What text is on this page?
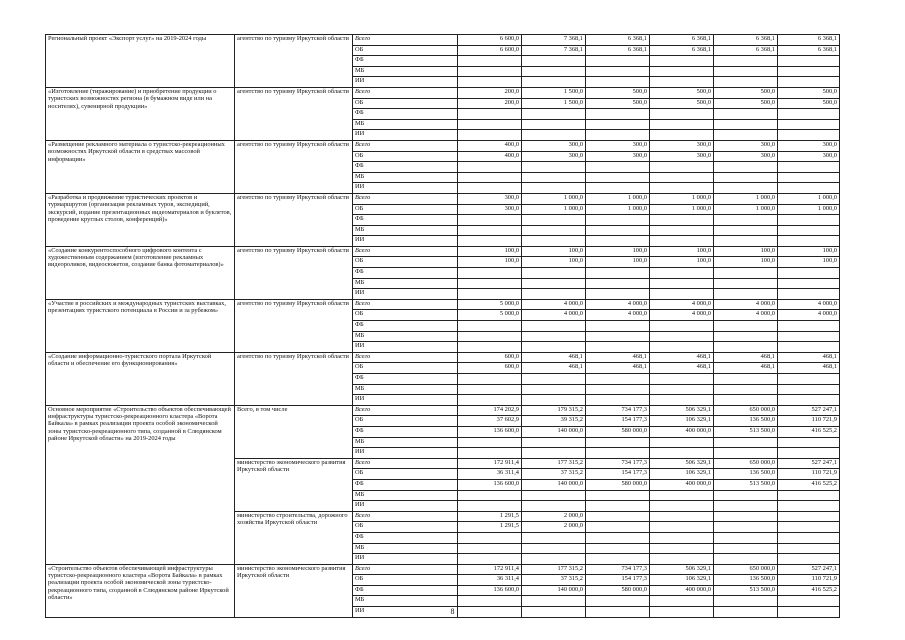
Региональный проект «Экспорт услуг» на 2019-2024 годы	агентство по туризму Иркутской области	Всего	6 600,0	7 368,1	6 368,1	6 368,1	6 368,1	6 368,1
		ОБ	6 600,0	7 368,1	6 368,1	6 368,1	6 368,1	6 368,1
		ФБ						
		МБ						
		ИИ						
«Изготовление (тиражирование) и приобретение продукции о туристских возможностях региона (в бумажном виде или на носителях), сувенирной продукции»	агентство по туризму Иркутской области	Всего	200,0	1 500,0	500,0	500,0	500,0	500,0
		ОБ	200,0	1 500,0	500,0	500,0	500,0	500,0
		ФБ						
		МБ						
		ИИ						
«Размещение рекламного материала о туристско-рекреационных возможностях Иркутской области в средствах массовой информации»	агентство по туризму Иркутской области	Всего	400,0	300,0	300,0	300,0	300,0	300,0
		ОБ	400,0	300,0	300,0	300,0	300,0	300,0
		ФБ						
		МБ						
		ИИ						
«Разработка и продвижение туристических проектов и турмаршрутов (организация рекламных туров, экспедиций, экскурсий, издание презентационных видеоматериалов и буклетов, проведение круглых столов, конференций)»	агентство по туризму Иркутской области	Всего	300,0	1 000,0	1 000,0	1 000,0	1 000,0	1 000,0
		ОБ	300,0	1 000,0	1 000,0	1 000,0	1 000,0	1 000,0
		ФБ						
		МБ						
		ИИ						
«Создание конкурентоспособного цифрового контента с художественным содержанием (изготовление рекламных видеороликов, видеосюжетов, создание банка фотоматериалов)»	агентство по туризму Иркутской области	Всего	100,0	100,0	100,0	100,0	100,0	100,0
		ОБ	100,0	100,0	100,0	100,0	100,0	100,0
		ФБ						
		МБ						
		ИИ						
«Участие в российских и международных туристских выставках, презентациях туристского потенциала в России и за рубежом»	агентство по туризму Иркутской области	Всего	5 000,0	4 000,0	4 000,0	4 000,0	4 000,0	4 000,0
		ОБ	5 000,0	4 000,0	4 000,0	4 000,0	4 000,0	4 000,0
		ФБ						
		МБ						
		ИИ						
«Создание информационно-туристского портала Иркутской области и обеспечение его функционирования»	агентство по туризму Иркутской области	Всего	600,0	468,1	468,1	468,1	468,1	468,1
		ОБ	600,0	468,1	468,1	468,1	468,1	468,1
		ФБ						
		МБ						
		ИИ						
Основное мероприятие «Строительство объектов обеспечивающей инфраструктуры туристско-рекреационного кластера «Ворота Байкала» в рамках реализации проекта особой экономической зоны туристско-рекреационного типа, созданной в Слюдянском районе Иркутской области» на 2019-2024 годы	Всего, в том числе	Всего	174 202,9	179 315,2	734 177,3	506 329,1	650 000,0	527 247,1
		ОБ	37 602,9	39 315,2	154 177,3	106 329,1	136 500,0	110 721,9
		ФБ	136 600,0	140 000,0	580 000,0	400 000,0	513 500,0	416 525,2
		МБ						
		ИИ						
	министерство экономического развития Иркутской области	Всего	172 911,4	177 315,2	734 177,3	506 329,1	650 000,0	527 247,1
		ОБ	36 311,4	37 315,2	154 177,3	106 329,1	136 500,0	110 721,9
		ФБ	136 600,0	140 000,0	580 000,0	400 000,0	513 500,0	416 525,2
		МБ						
		ИИ						
	министерство строительства, дорожного хозяйства Иркутской области	Всего	1 291,5	2 000,0				
		ОБ	1 291,5	2 000,0				
		ФБ						
		МБ						
		ИИ						
«Строительство объектов обеспечивающей инфраструктуры туристско-рекреационного кластера «Ворота Байкала» в рамках реализации проекта особой экономической зоны туристско-рекреационного типа, созданной в Слюдянском районе Иркутской области»	министерство экономического развития Иркутской области	Всего	172 911,4	177 315,2	734 177,3	506 329,1	650 000,0	527 247,1
		ОБ	36 311,4	37 315,2	154 177,3	106 329,1	136 500,0	110 721,9
		ФБ	136 600,0	140 000,0	580 000,0	400 000,0	513 500,0	416 525,2
		МБ						
		ИИ							8
